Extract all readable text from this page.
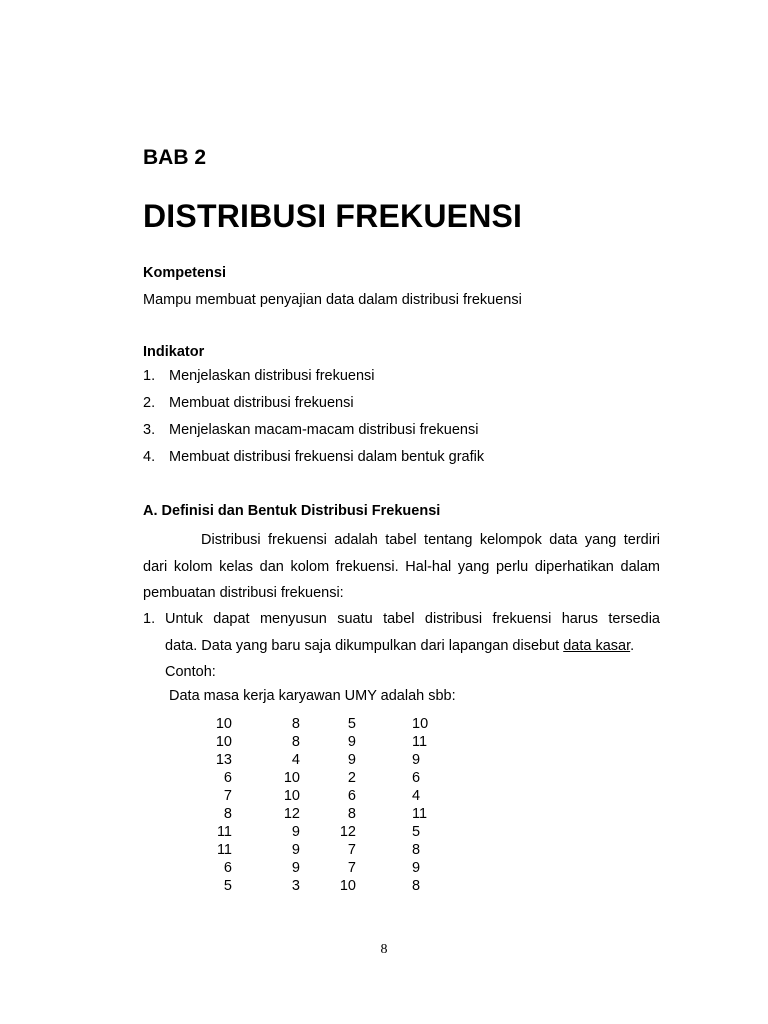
BAB 2
DISTRIBUSI FREKUENSI
Kompetensi
Mampu membuat penyajian data dalam distribusi frekuensi
Indikator
1. Menjelaskan distribusi frekuensi
2. Membuat distribusi frekuensi
3. Menjelaskan macam-macam distribusi frekuensi
4. Membuat distribusi frekuensi dalam bentuk grafik
A. Definisi dan Bentuk Distribusi Frekuensi
Distribusi frekuensi adalah tabel tentang kelompok data yang terdiri
dari kolom kelas dan kolom frekuensi. Hal-hal yang perlu diperhatikan dalam
pembuatan distribusi frekuensi:
1. Untuk dapat menyusun suatu tabel distribusi frekuensi harus tersedia
data. Data yang baru saja dikumpulkan dari lapangan disebut data kasar.
Contoh:
Data masa kerja karyawan UMY adalah sbb:
10	8	5	10
10	8	9	11
13	4	9	9
6	10	2	6
7	10	6	4
8	12	8	11
11	9	12	5
11	9	7	8
6	9	7	9
5	3	10	8
8
